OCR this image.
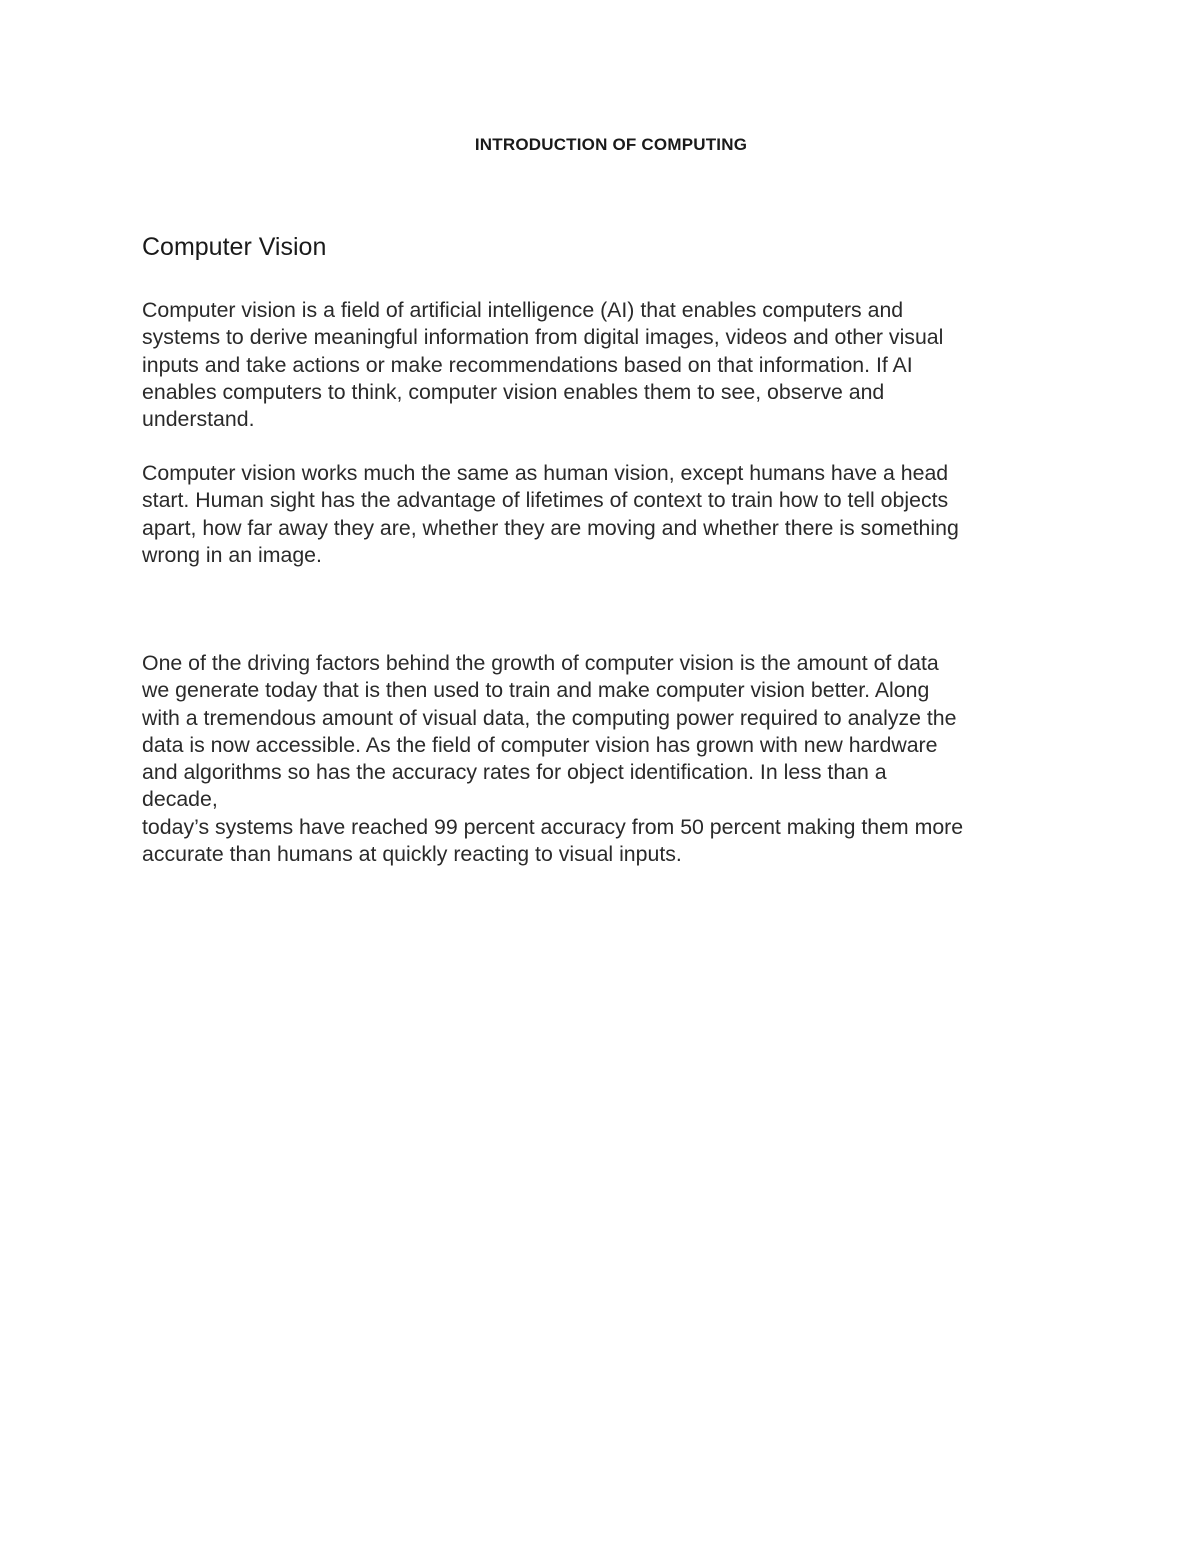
INTRODUCTION OF COMPUTING
Computer Vision

Computer vision is a field of artificial intelligence (AI) that enables computers and
systems to derive meaningful information from digital images, videos and other visual
inputs and take actions or make recommendations based on that information. If AI
enables computers to think, computer vision enables them to see, observe and
understand.

Computer vision works much the same as human vision, except humans have a head
start. Human sight has the advantage of lifetimes of context to train how to tell objects
apart, how far away they are, whether they are moving and whether there is something
wrong in an image.

One of the driving factors behind the growth of computer vision is the amount of data
we generate today that is then used to train and make computer vision better. Along
with a tremendous amount of visual data, the computing power required to analyze the
data is now accessible. As the field of computer vision has grown with new hardware
and algorithms so has the accuracy rates for object identification. In less than a
decade,
today’s systems have reached 99 percent accuracy from 50 percent making them more
accurate than humans at quickly reacting to visual inputs.
